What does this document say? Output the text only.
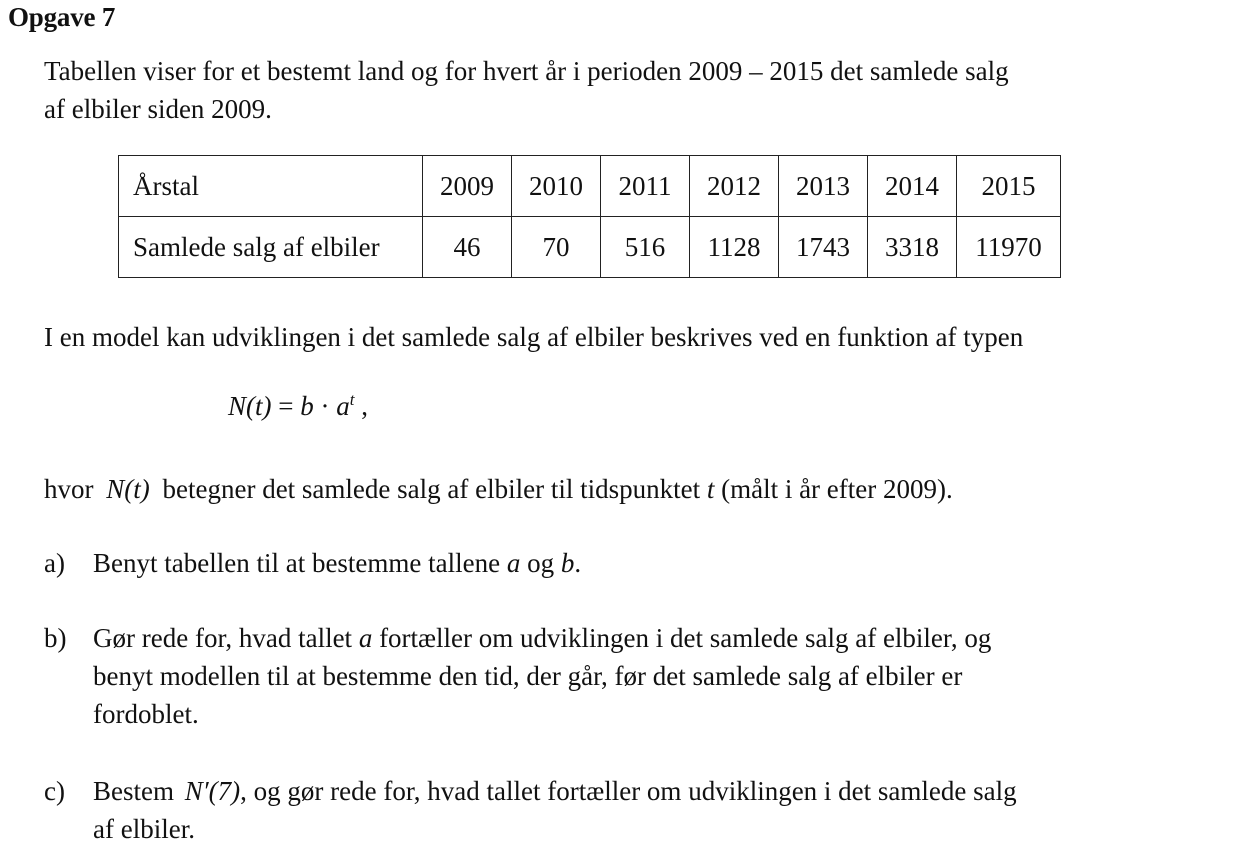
Opgave 7
Tabellen viser for et bestemt land og for hvert år i perioden 2009 – 2015 det samlede salg
af elbiler siden 2009.
Årstal	2009	2010	2011	2012	2013	2014	2015
Samlede salg af elbiler	46	70	516	1128	1743	3318	11970
I en model kan udviklingen i det samlede salg af elbiler beskrives ved en funktion af typen
$N(t) = b \cdot a^t$ ,
hvor N(t) betegner det samlede salg af elbiler til tidspunktet t (målt i år efter 2009).
a) Benyt tabellen til at bestemme tallene a og b.
b) Gør rede for, hvad tallet a fortæller om udviklingen i det samlede salg af elbiler, og
benyt modellen til at bestemme den tid, der går, før det samlede salg af elbiler er
fordoblet.
c) Bestem N′(7), og gør rede for, hvad tallet fortæller om udviklingen i det samlede salg
af elbiler.
